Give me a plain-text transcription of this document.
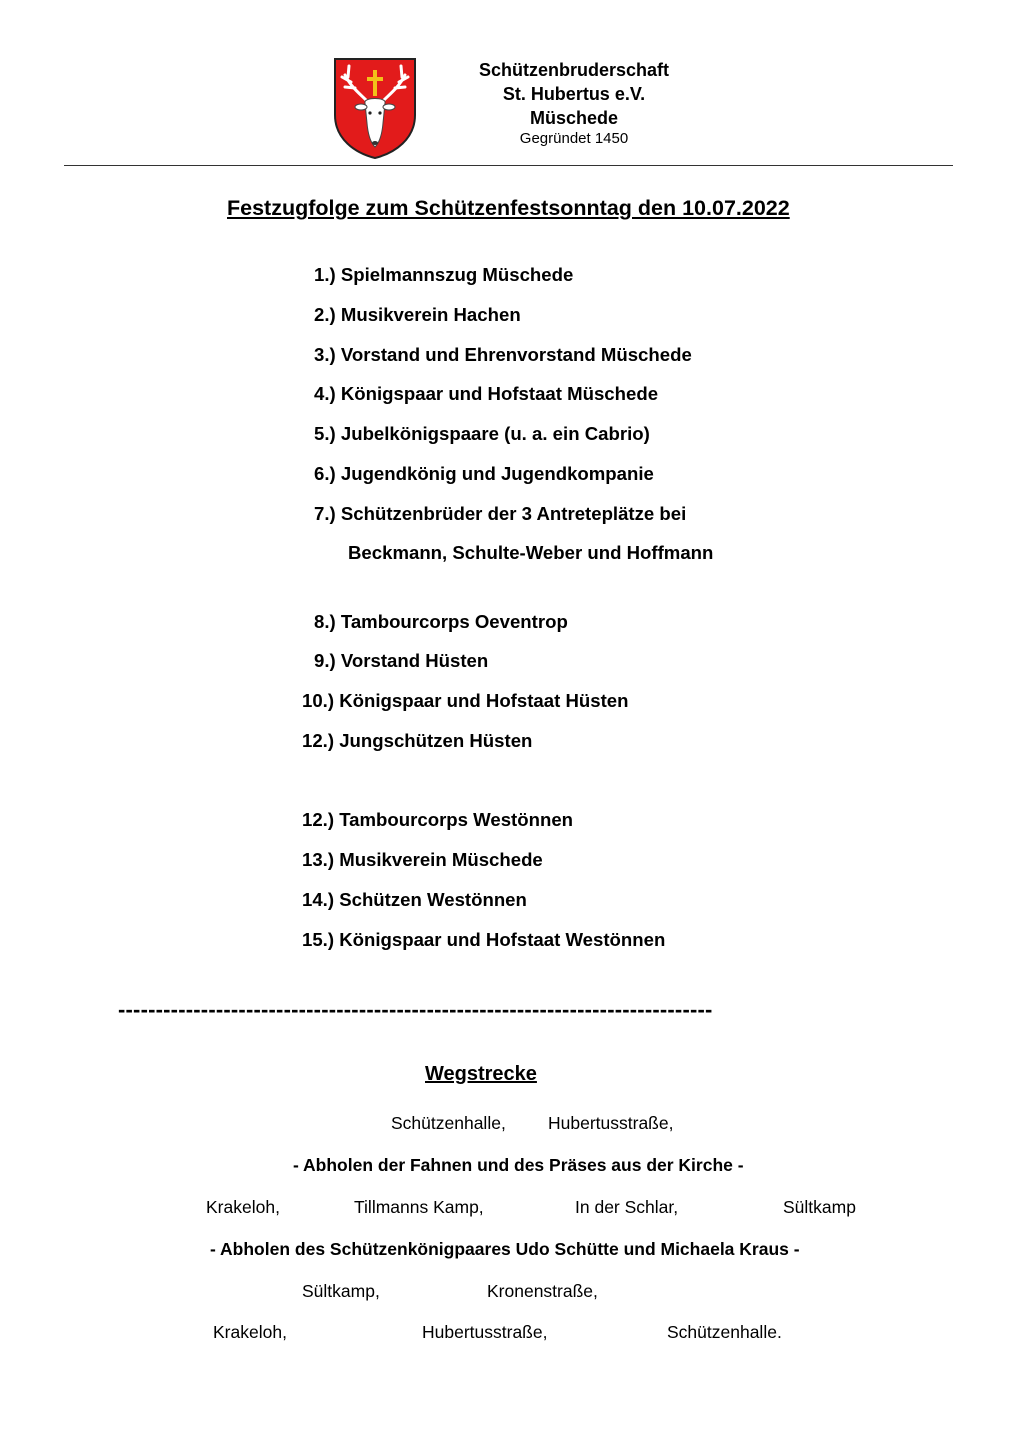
Schützenbruderschaft
St. Hubertus e.V.
Müschede
Gegründet 1450
Festzugfolge zum Schützenfestsonntag den 10.07.2022
1.) Spielmannszug Müschede
2.) Musikverein Hachen
3.) Vorstand und Ehrenvorstand Müschede
4.) Königspaar und Hofstaat Müschede
5.) Jubelkönigspaare (u. a. ein Cabrio)
6.) Jugendkönig und Jugendkompanie
7.) Schützenbrüder der 3 Antreteplätze bei
Beckmann, Schulte-Weber und Hoffmann
8.) Tambourcorps Oeventrop
9.) Vorstand Hüsten
10.) Königspaar und Hofstaat Hüsten
12.) Jungschützen Hüsten
12.) Tambourcorps Westönnen
13.) Musikverein Müschede
14.) Schützen Westönnen
15.) Königspaar und Hofstaat Westönnen
-------------------------------------------------------------------------------
Wegstrecke
Schützenhalle, Hubertusstraße,
- Abholen der Fahnen und des Präses aus der Kirche -
Krakeloh,	Tillmanns Kamp,	In der Schlar,	Sültkamp
- Abholen des Schützenkönigpaares Udo Schütte und Michaela Kraus -
Sültkamp,	Kronenstraße,
Krakeloh,	Hubertusstraße,	Schützenhalle.
